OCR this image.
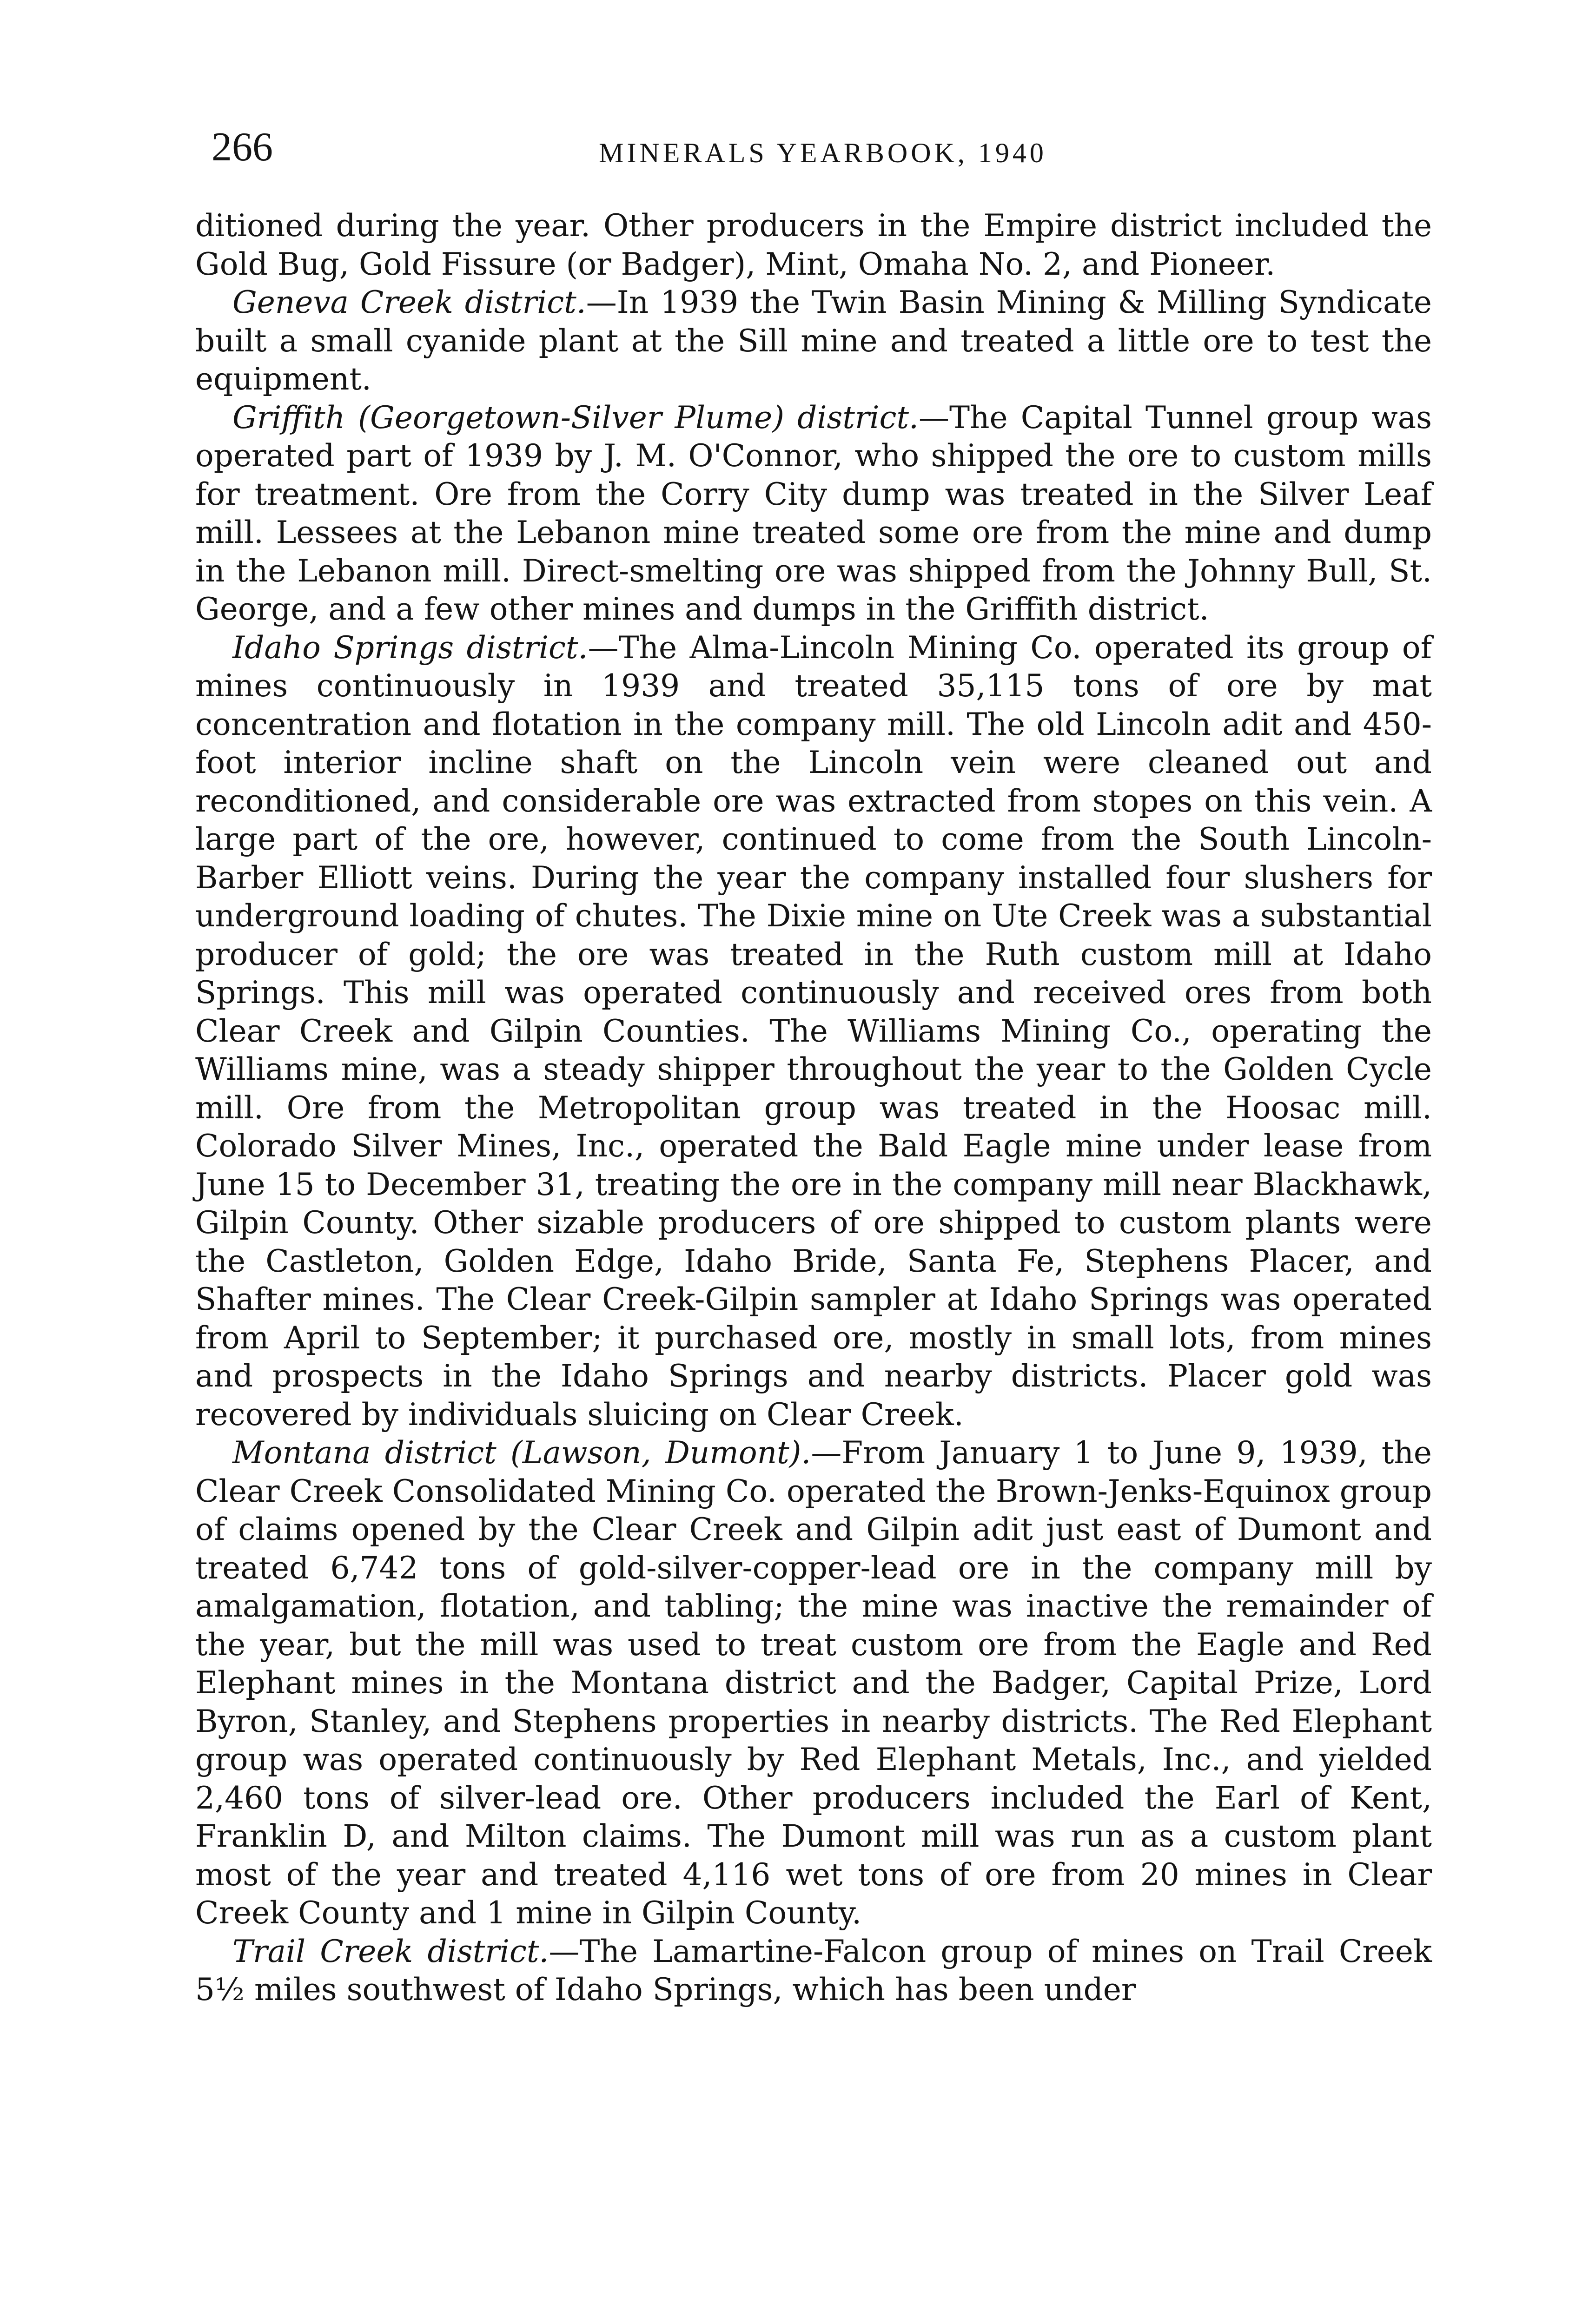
266	MINERALS YEARBOOK, 1940

ditioned during the year. Other producers in the Empire district included the Gold Bug, Gold Fissure (or Badger), Mint, Omaha No. 2, and Pioneer.

Geneva Creek district.—In 1939 the Twin Basin Mining & Milling Syndicate built a small cyanide plant at the Sill mine and treated a little ore to test the equipment.

Griffith (Georgetown-Silver Plume) district.—The Capital Tunnel group was operated part of 1939 by J. M. O'Connor, who shipped the ore to custom mills for treatment. Ore from the Corry City dump was treated in the Silver Leaf mill. Lessees at the Lebanon mine treated some ore from the mine and dump in the Lebanon mill. Direct-smelting ore was shipped from the Johnny Bull, St. George, and a few other mines and dumps in the Griffith district.

Idaho Springs district.—The Alma-Lincoln Mining Co. operated its group of mines continuously in 1939 and treated 35,115 tons of ore by mat concentration and flotation in the company mill. The old Lincoln adit and 450-foot interior incline shaft on the Lincoln vein were cleaned out and reconditioned, and considerable ore was extracted from stopes on this vein. A large part of the ore, however, continued to come from the South Lincoln-Barber Elliott veins. During the year the company installed four slushers for underground loading of chutes. The Dixie mine on Ute Creek was a substantial producer of gold; the ore was treated in the Ruth custom mill at Idaho Springs. This mill was operated continuously and received ores from both Clear Creek and Gilpin Counties. The Williams Mining Co., operating the Williams mine, was a steady shipper throughout the year to the Golden Cycle mill. Ore from the Metropolitan group was treated in the Hoosac mill. Colorado Silver Mines, Inc., operated the Bald Eagle mine under lease from June 15 to December 31, treating the ore in the company mill near Blackhawk, Gilpin County. Other sizable producers of ore shipped to custom plants were the Castleton, Golden Edge, Idaho Bride, Santa Fe, Stephens Placer, and Shafter mines. The Clear Creek-Gilpin sampler at Idaho Springs was operated from April to September; it purchased ore, mostly in small lots, from mines and prospects in the Idaho Springs and nearby districts. Placer gold was recovered by individuals sluicing on Clear Creek.

Montana district (Lawson, Dumont).—From January 1 to June 9, 1939, the Clear Creek Consolidated Mining Co. operated the Brown-Jenks-Equinox group of claims opened by the Clear Creek and Gilpin adit just east of Dumont and treated 6,742 tons of gold-silver-copper-lead ore in the company mill by amalgamation, flotation, and tabling; the mine was inactive the remainder of the year, but the mill was used to treat custom ore from the Eagle and Red Elephant mines in the Montana district and the Badger, Capital Prize, Lord Byron, Stanley, and Stephens properties in nearby districts. The Red Elephant group was operated continuously by Red Elephant Metals, Inc., and yielded 2,460 tons of silver-lead ore. Other producers included the Earl of Kent, Franklin D, and Milton claims. The Dumont mill was run as a custom plant most of the year and treated 4,116 wet tons of ore from 20 mines in Clear Creek County and 1 mine in Gilpin County.

Trail Creek district.—The Lamartine-Falcon group of mines on Trail Creek 5½ miles southwest of Idaho Springs, which has been under
